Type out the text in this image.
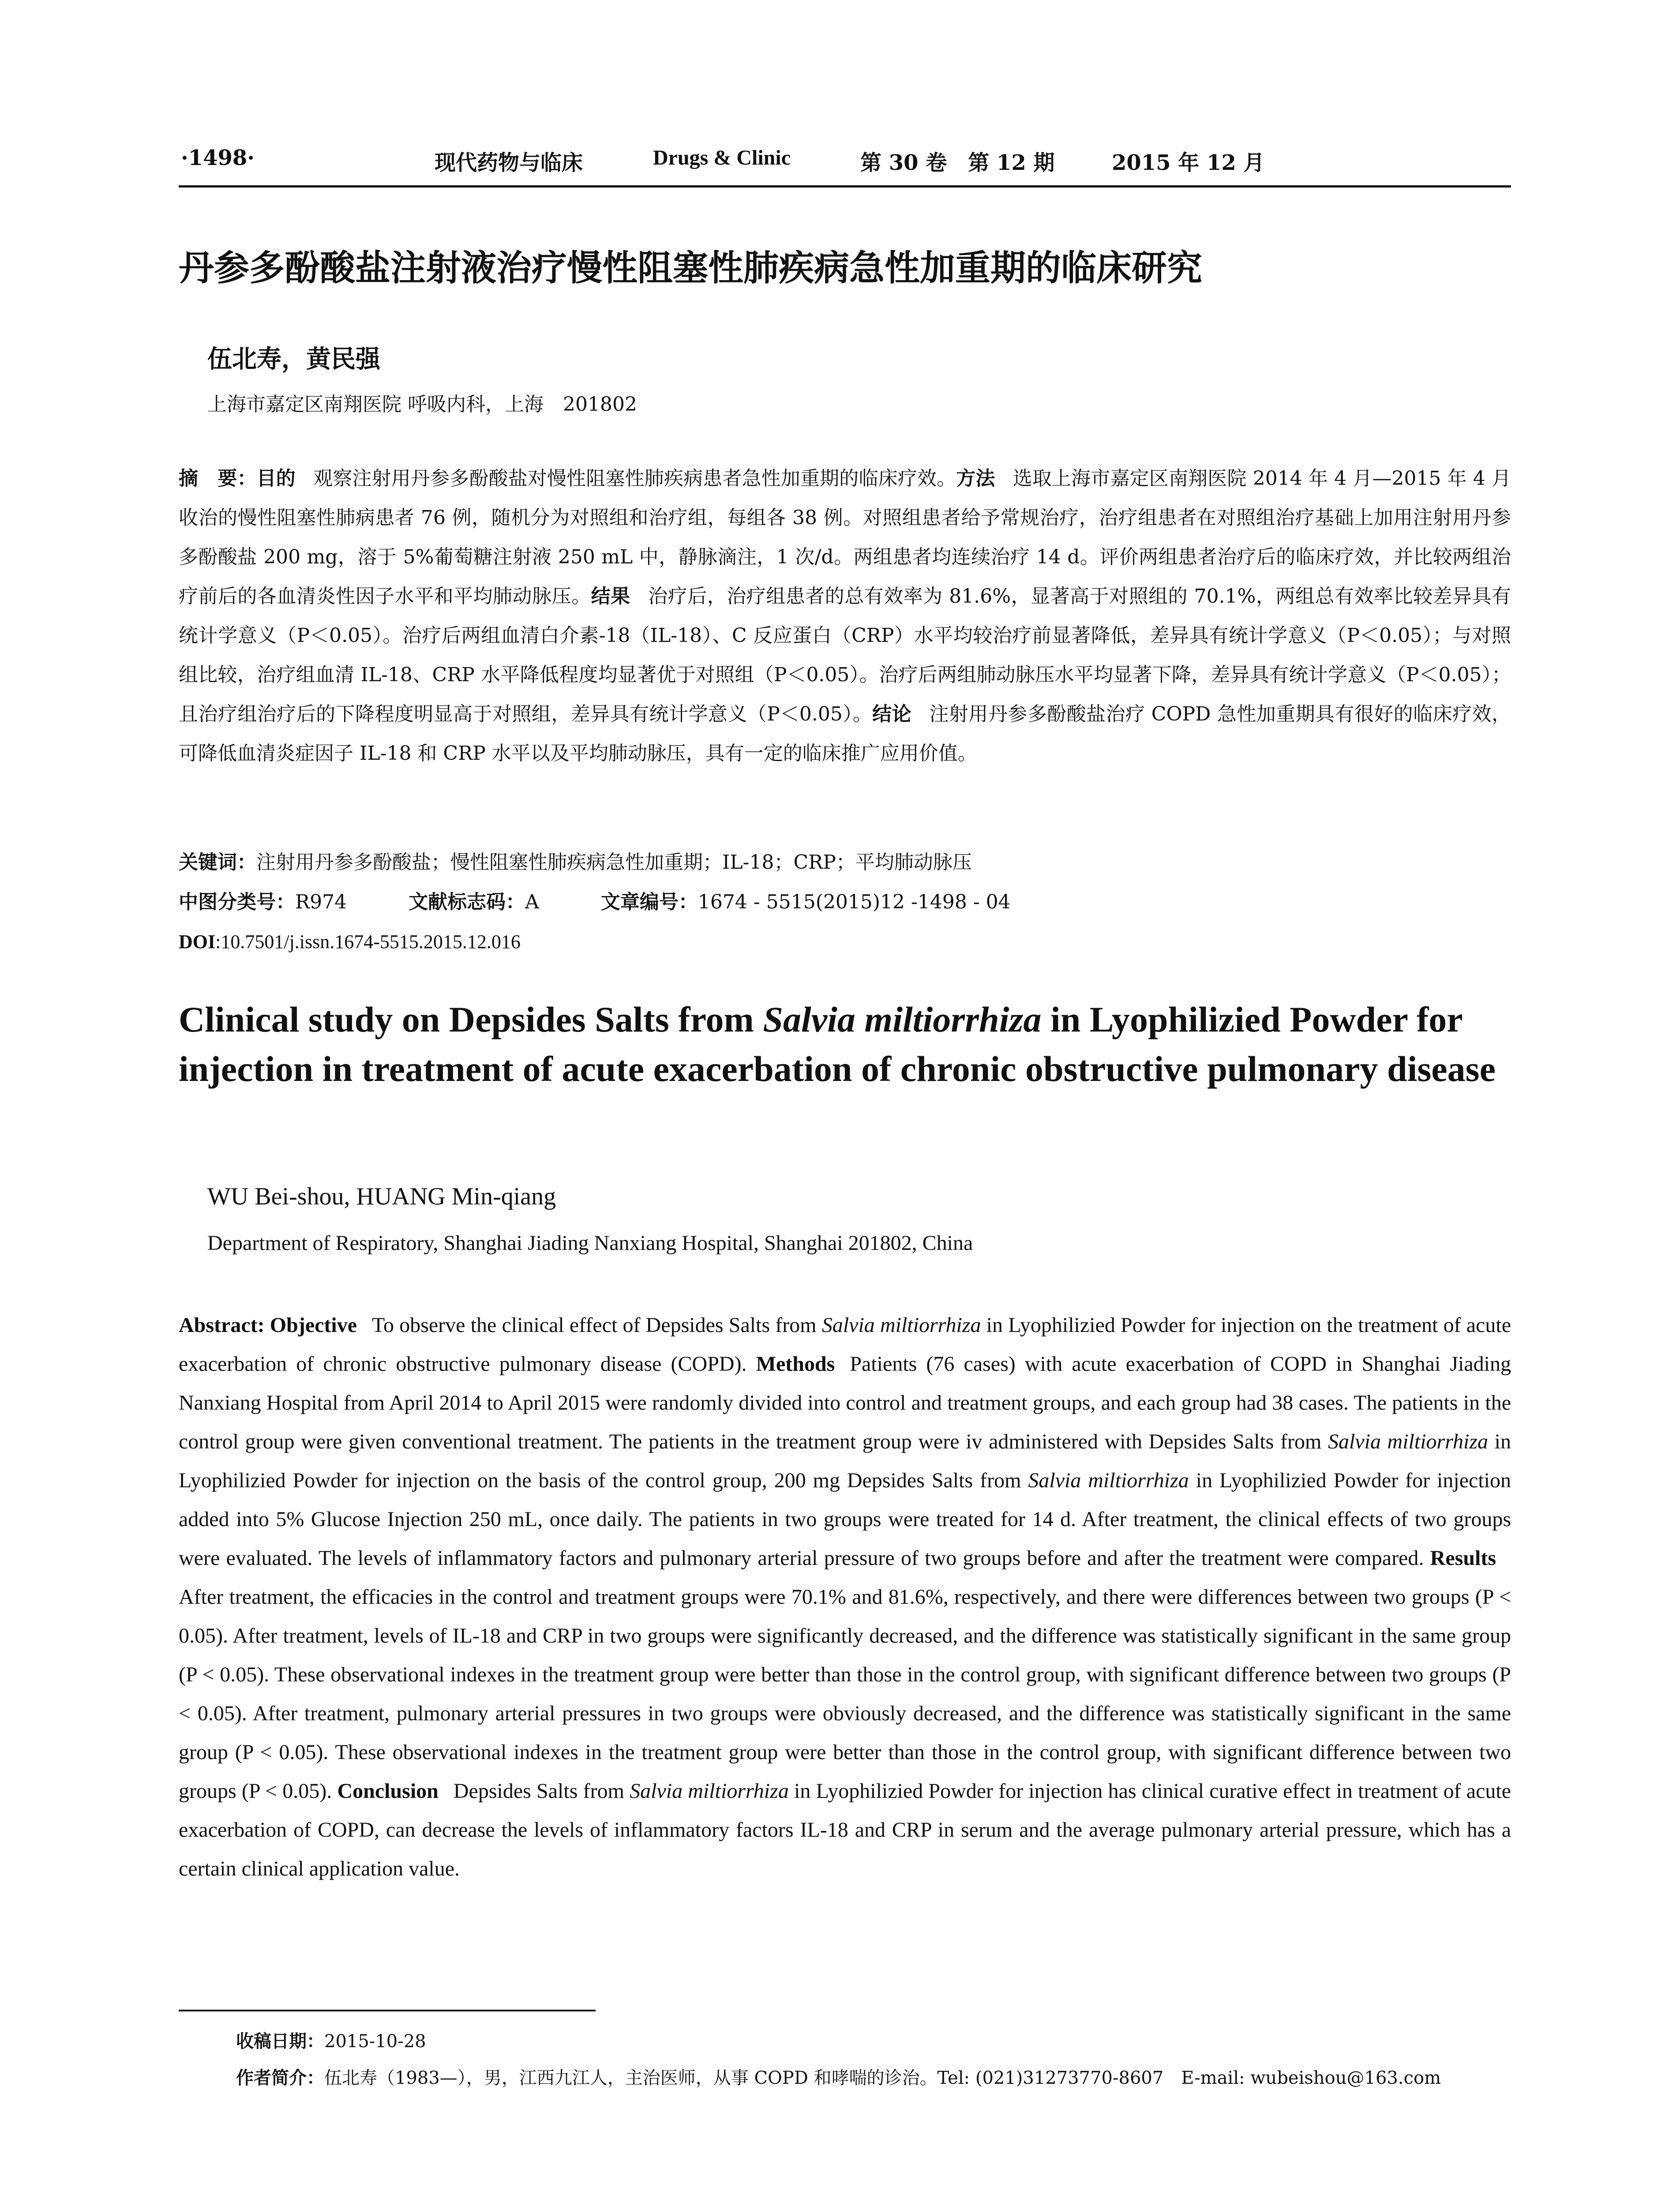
·1498·	现代药物与临床	Drugs & Clinic	第 30 卷　第 12 期	2015 年 12 月
丹参多酚酸盐注射液治疗慢性阻塞性肺疾病急性加重期的临床研究
伍北寿，黄民强
上海市嘉定区南翔医院 呼吸内科，上海　201802
摘　要：目的 观察注射用丹参多酚酸盐对慢性阻塞性肺疾病患者急性加重期的临床疗效。方法 选取上海市嘉定区南翔医院 2014 年 4 月—2015 年 4 月收治的慢性阻塞性肺病患者 76 例，随机分为对照组和治疗组，每组各 38 例。对照组患者给予常规治疗，治疗组患者在对照组治疗基础上加用注射用丹参多酚酸盐 200 mg，溶于 5%葡萄糖注射液 250 mL 中，静脉滴注，1 次/d。两组患者均连续治疗 14 d。评价两组患者治疗后的临床疗效，并比较两组治疗前后的各血清炎性因子水平和平均肺动脉压。结果 治疗后，治疗组患者的总有效率为 81.6%，显著高于对照组的 70.1%，两组总有效率比较差异具有统计学意义（P＜0.05）。治疗后两组血清白介素-18（IL-18）、C 反应蛋白（CRP）水平均较治疗前显著降低，差异具有统计学意义（P＜0.05）；与对照组比较，治疗组血清 IL-18、CRP 水平降低程度均显著优于对照组（P＜0.05）。治疗后两组肺动脉压水平均显著下降，差异具有统计学意义（P＜0.05）；且治疗组治疗后的下降程度明显高于对照组，差异具有统计学意义（P＜0.05）。结论 注射用丹参多酚酸盐治疗 COPD 急性加重期具有很好的临床疗效，可降低血清炎症因子 IL-18 和 CRP 水平以及平均肺动脉压，具有一定的临床推广应用价值。
关键词：注射用丹参多酚酸盐；慢性阻塞性肺疾病急性加重期；IL-18；CRP；平均肺动脉压
中图分类号：R974	文献标志码：A	文章编号：1674 - 5515(2015)12 -1498 - 04
DOI:10.7501/j.issn.1674-5515.2015.12.016
Clinical study on Depsides Salts from Salvia miltiorrhiza in Lyophilizied Powder for injection in treatment of acute exacerbation of chronic obstructive pulmonary disease
WU Bei-shou, HUANG Min-qiang
Department of Respiratory, Shanghai Jiading Nanxiang Hospital, Shanghai 201802, China
Abstract: Objective To observe the clinical effect of Depsides Salts from Salvia miltiorrhiza in Lyophilizied Powder for injection on the treatment of acute exacerbation of chronic obstructive pulmonary disease (COPD). Methods Patients (76 cases) with acute exacerbation of COPD in Shanghai Jiading Nanxiang Hospital from April 2014 to April 2015 were randomly divided into control and treatment groups, and each group had 38 cases. The patients in the control group were given conventional treatment. The patients in the treatment group were iv administered with Depsides Salts from Salvia miltiorrhiza in Lyophilizied Powder for injection on the basis of the control group, 200 mg Depsides Salts from Salvia miltiorrhiza in Lyophilizied Powder for injection added into 5% Glucose Injection 250 mL, once daily. The patients in two groups were treated for 14 d. After treatment, the clinical effects of two groups were evaluated. The levels of inflammatory factors and pulmonary arterial pressure of two groups before and after the treatment were compared. ResultsAfter treatment, the efficacies in the control and treatment groups were 70.1% and 81.6%, respectively, and there were differences between two groups (P < 0.05). After treatment, levels of IL-18 and CRP in two groups were significantly decreased, and the difference was statistically significant in the same group (P < 0.05). These observational indexes in the treatment group were better than those in the control group, with significant difference between two groups (P < 0.05). After treatment, pulmonary arterial pressures in two groups were obviously decreased, and the difference was statistically significant in the same group (P < 0.05). These observational indexes in the treatment group were better than those in the control group, with significant difference between two groups (P < 0.05). Conclusion Depsides Salts from Salvia miltiorrhiza in Lyophilizied Powder for injection has clinical curative effect in treatment of acute exacerbation of COPD, can decrease the levels of inflammatory factors IL-18 and CRP in serum and the average pulmonary arterial pressure, which has a certain clinical application value.
收稿日期：2015-10-28
作者简介：伍北寿（1983—），男，江西九江人，主治医师，从事 COPD 和哮喘的诊治。Tel: (021)31273770-8607　E-mail: wubeishou@163.com
